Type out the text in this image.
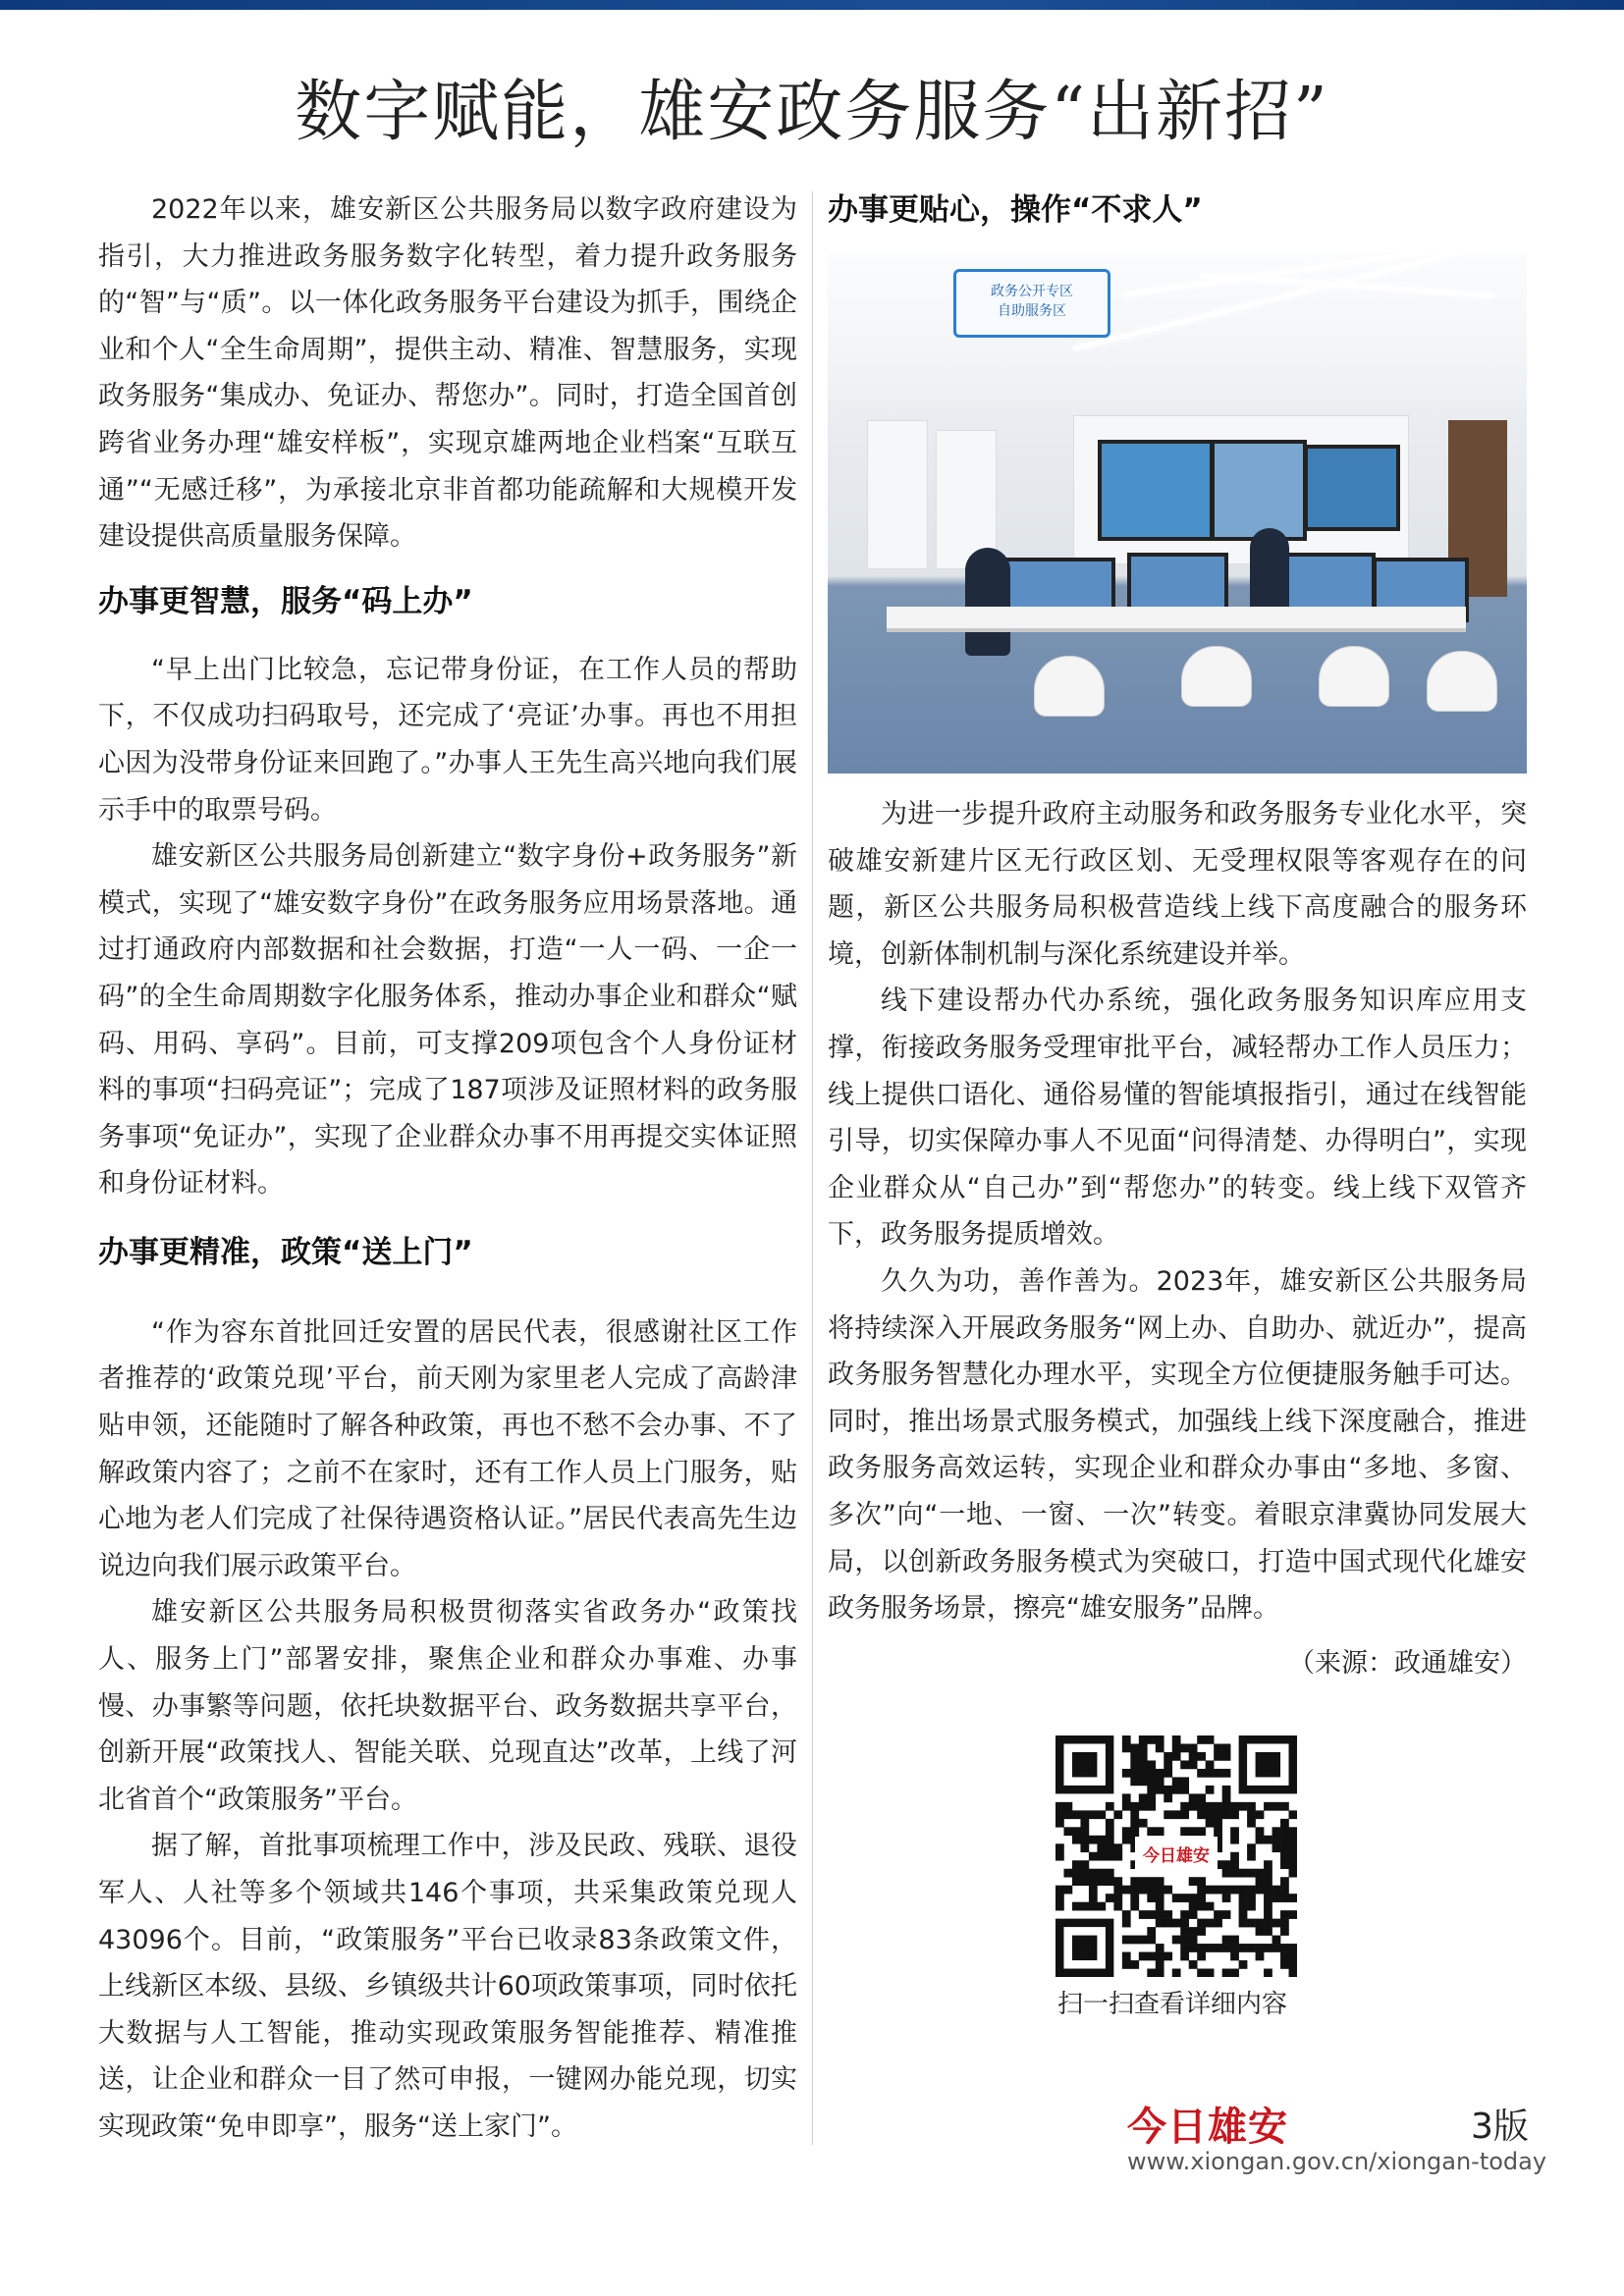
数字赋能，雄安政务服务“出新招”

2022年以来，雄安新区公共服务局以数字政府建设为指引，大力推进政务服务数字化转型，着力提升政务服务的“智”与“质”。以一体化政务服务平台建设为抓手，围绕企业和个人“全生命周期”，提供主动、精准、智慧服务，实现政务服务“集成办、免证办、帮您办”。同时，打造全国首创跨省业务办理“雄安样板”，实现京雄两地企业档案“互联互通”“无感迁移”，为承接北京非首都功能疏解和大规模开发建设提供高质量服务保障。

办事更智慧，服务“码上办”

“早上出门比较急，忘记带身份证，在工作人员的帮助下，不仅成功扫码取号，还完成了‘亮证’办事。再也不用担心因为没带身份证来回跑了。”办事人王先生高兴地向我们展示手中的取票号码。

雄安新区公共服务局创新建立“数字身份+政务服务”新模式，实现了“雄安数字身份”在政务服务应用场景落地。通过打通政府内部数据和社会数据，打造“一人一码、一企一码”的全生命周期数字化服务体系，推动办事企业和群众“赋码、用码、享码”。目前，可支撑209项包含个人身份证材料的事项“扫码亮证”；完成了187项涉及证照材料的政务服务事项“免证办”，实现了企业群众办事不用再提交实体证照和身份证材料。

办事更精准，政策“送上门”

“作为容东首批回迁安置的居民代表，很感谢社区工作者推荐的‘政策兑现’平台，前天刚为家里老人完成了高龄津贴申领，还能随时了解各种政策，再也不愁不会办事、不了解政策内容了；之前不在家时，还有工作人员上门服务，贴心地为老人们完成了社保待遇资格认证。”居民代表高先生边说边向我们展示政策平台。

雄安新区公共服务局积极贯彻落实省政务办“政策找人、服务上门”部署安排，聚焦企业和群众办事难、办事慢、办事繁等问题，依托块数据平台、政务数据共享平台，创新开展“政策找人、智能关联、兑现直达”改革，上线了河北省首个“政策服务”平台。

据了解，首批事项梳理工作中，涉及民政、残联、退役军人、人社等多个领域共146个事项，共采集政策兑现人43096个。目前，“政策服务”平台已收录83条政策文件，上线新区本级、县级、乡镇级共计60项政策事项，同时依托大数据与人工智能，推动实现政策服务智能推荐、精准推送，让企业和群众一目了然可申报，一键网办能兑现，切实实现政策“免申即享”，服务“送上家门”。

办事更贴心，操作“不求人”
政务公开专区
自助服务区

为进一步提升政府主动服务和政务服务专业化水平，突破雄安新建片区无行政区划、无受理权限等客观存在的问题，新区公共服务局积极营造线上线下高度融合的服务环境，创新体制机制与深化系统建设并举。

线下建设帮办代办系统，强化政务服务知识库应用支撑，衔接政务服务受理审批平台，减轻帮办工作人员压力；线上提供口语化、通俗易懂的智能填报指引，通过在线智能引导，切实保障办事人不见面“问得清楚、办得明白”，实现企业群众从“自己办”到“帮您办”的转变。线上线下双管齐下，政务服务提质增效。

久久为功，善作善为。2023年，雄安新区公共服务局将持续深入开展政务服务“网上办、自助办、就近办”，提高政务服务智慧化办理水平，实现全方位便捷服务触手可达。同时，推出场景式服务模式，加强线上线下深度融合，推进政务服务高效运转，实现企业和群众办事由“多地、多窗、多次”向“一地、一窗、一次”转变。着眼京津冀协同发展大局，以创新政务服务模式为突破口，打造中国式现代化雄安政务服务场景，擦亮“雄安服务”品牌。

（来源：政通雄安）

今日雄安
扫一扫查看详细内容
今日雄安	3版
www.xiongan.gov.cn/xiongan-today
